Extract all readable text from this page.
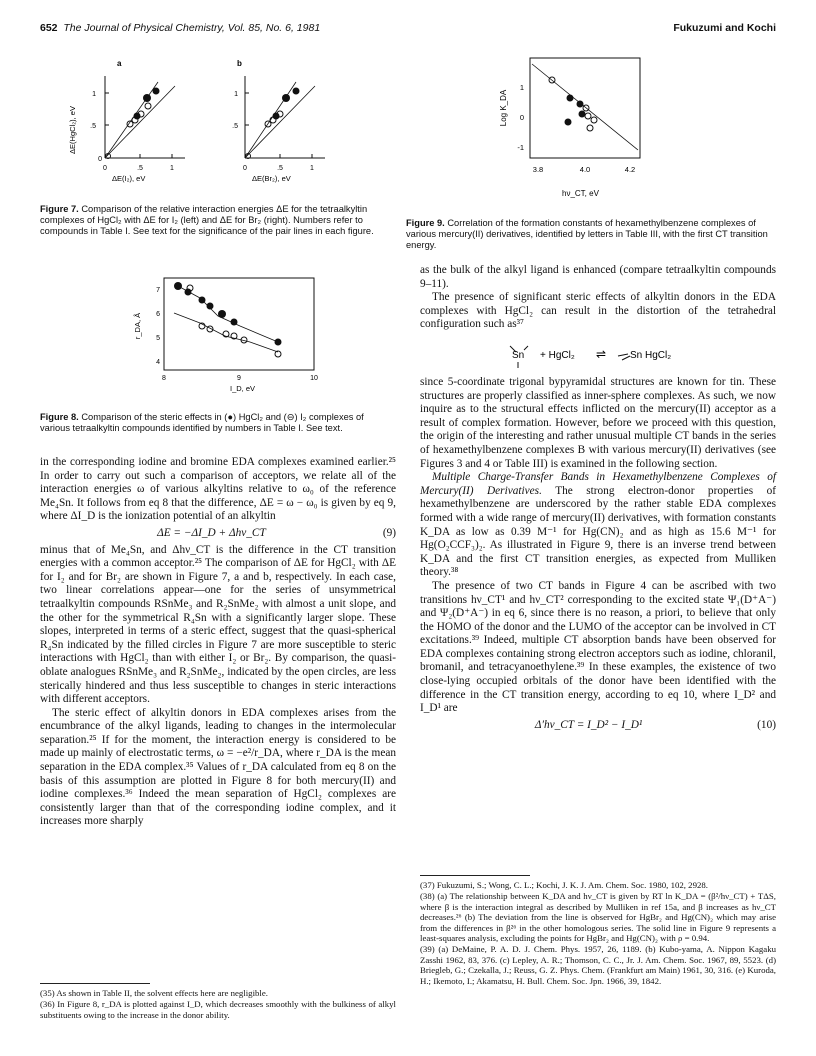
652 The Journal of Physical Chemistry, Vol. 85, No. 6, 1981	Fukuzumi and Kochi
a	b
ΔE(HgCl₂), eV
1
.5
0
0	.5	1
ΔE(I₂), eV
1
.5
0	.5	1
ΔE(Br₂), eV
Figure 7. Comparison of the relative interaction energies ΔE for the tetraalkyltin complexes of HgCl₂ with ΔE for I₂ (left) and ΔE for Br₂ (right). Numbers refer to compounds in Table I. See text for the significance of the pair lines in each figure.
r_DA, Å
7
6
5
4
8	9	10
I_D, eV
Figure 8. Comparison of the steric effects in (●) HgCl₂ and (⊖) I₂ complexes of various tetraalkyltin compounds identified by numbers in Table I. See text.

in the corresponding iodine and bromine EDA complexes examined earlier.²⁵ In order to carry out such a comparison of acceptors, we relate all of the interaction energies ω of various alkyltins relative to ω₀ of the reference Me₄Sn. It follows from eq 8 that the difference, ΔE = ω − ω₀ is given by eq 9, where ΔI_D is the ionization potential of an alkyltin

ΔE = −ΔI_D + Δhν_CT	(9)

minus that of Me₄Sn, and Δhν_CT is the difference in the CT transition energies with a common acceptor.²⁵ The comparison of ΔE for HgCl₂ with ΔE for I₂ and for Br₂ are shown in Figure 7, a and b, respectively. In each case, two linear correlations appear—one for the series of unsymmetrical tetraalkyltin compounds RSnMe₃ and R₂SnMe₂ with almost a unit slope, and the other for the symmetrical R₄Sn with a significantly larger slope. These slopes, interpreted in terms of a steric effect, suggest that the quasi-spherical R₄Sn indicated by the filled circles in Figure 7 are more susceptible to steric interactions with HgCl₂ than with either I₂ or Br₂. By comparison, the quasi-oblate analogues RSnMe₃ and R₂SnMe₂, indicated by the open circles, are less sterically hindered and thus less susceptible to changes in steric interactions with different acceptors.

The steric effect of alkyltin donors in EDA complexes arises from the encumbrance of the alkyl ligands, leading to changes in the intermolecular separation.²⁵ If for the moment, the interaction energy is considered to be made up mainly of electrostatic terms, ω = −e²/r_DA, where r_DA is the mean separation in the EDA complex.³⁵ Values of r_DA calculated from eq 8 on the basis of this assumption are plotted in Figure 8 for both mercury(II) and iodine complexes.³⁶ Indeed the mean separation of HgCl₂ complexes are consistently larger than that of the corresponding iodine complex, and it increases more sharply

(35) As shown in Table II, the solvent effects here are negligible.

(36) In Figure 8, r_DA is plotted against I_D, which decreases smoothly with the bulkiness of alkyl substituents owing to the increase in the donor ability.

Log K_DA
1
0
-1
3.8	4.0	4.2
hν_CT, eV
Figure 9. Correlation of the formation constants of hexamethylbenzene complexes of various mercury(II) derivatives, identified by letters in Table III, with the first CT transition energy.

as the bulk of the alkyl ligand is enhanced (compare tetraalkyltin compounds 9–11).

The presence of significant steric effects of alkyltin donors in the EDA complexes with HgCl₂ can result in the distortion of the tetrahedral configuration such as³⁷

Sn + HgCl₂ ⇌ Sn HgCl₂

since 5-coordinate trigonal bypyramidal structures are known for tin. These structures are properly classified as inner-sphere complexes. As such, we now inquire as to the structural effects inflicted on the mercury(II) acceptor as a result of complex formation. However, before we proceed with this question, the origin of the interesting and rather unusual multiple CT bands in the series of hexamethylbenzene complexes B with various mercury(II) derivatives (see Figures 3 and 4 or Table III) is examined in the following section.

Multiple Charge-Transfer Bands in Hexamethylbenzene Complexes of Mercury(II) Derivatives. The strong electron-donor properties of hexamethylbenzene are underscored by the rather stable EDA complexes formed with a wide range of mercury(II) derivatives, with formation constants K_DA as low as 0.39 M⁻¹ for Hg(CN)₂ and as high as 15.6 M⁻¹ for Hg(O₂CCF₃)₂. As illustrated in Figure 9, there is an inverse trend between K_DA and the first CT transition energies, as expected from Mulliken theory.³⁸

The presence of two CT bands in Figure 4 can be ascribed with two transitions hν_CT¹ and hν_CT² corresponding to the excited state Ψ₁(D⁺A⁻) and Ψ₂(D⁺A⁻) in eq 6, since there is no reason, a priori, to believe that only the HOMO of the donor and the LUMO of the acceptor can be involved in CT excitations.³⁹ Indeed, multiple CT absorption bands have been observed for EDA complexes containing strong electron acceptors such as iodine, chloranil, bromanil, and tetracyanoethylene.³⁹ In these examples, the existence of two close-lying occupied orbitals of the donor have been identified with the difference in the CT transition energy, according to eq 10, where I_D² and I_D¹ are

Δ′hν_CT = I_D² − I_D¹	(10)

(37) Fukuzumi, S.; Wong, C. L.; Kochi, J. K. J. Am. Chem. Soc. 1980, 102, 2928.

(38) (a) The relationship between K_DA and hν_CT is given by RT ln K_DA = (β²/hν_CT) + TΔS, where β is the interaction integral as described by Mulliken in ref 15a, and β increases as hν_CT decreases.²⁶ (b) The deviation from the line is observed for HgBr₂ and Hg(CN)₂ which may arise from the differences in β²⁶ in the other homologous series. The solid line in Figure 9 represents a least-squares analysis, excluding the points for HgBr₂ and Hg(CN)₂ with ρ = 0.94.

(39) (a) DeMaine, P. A. D. J. Chem. Phys. 1957, 26, 1189. (b) Kubo-yama, A. Nippon Kagaku Zasshi 1962, 83, 376. (c) Lepley, A. R.; Thomson, C. C., Jr. J. Am. Chem. Soc. 1967, 89, 5523. (d) Briegleb, G.; Czekalla, J.; Reuss, G. Z. Phys. Chem. (Frankfurt am Main) 1961, 30, 316. (e) Kuroda, H.; Ikemoto, I.; Akamatsu, H. Bull. Chem. Soc. Jpn. 1966, 39, 1842.
